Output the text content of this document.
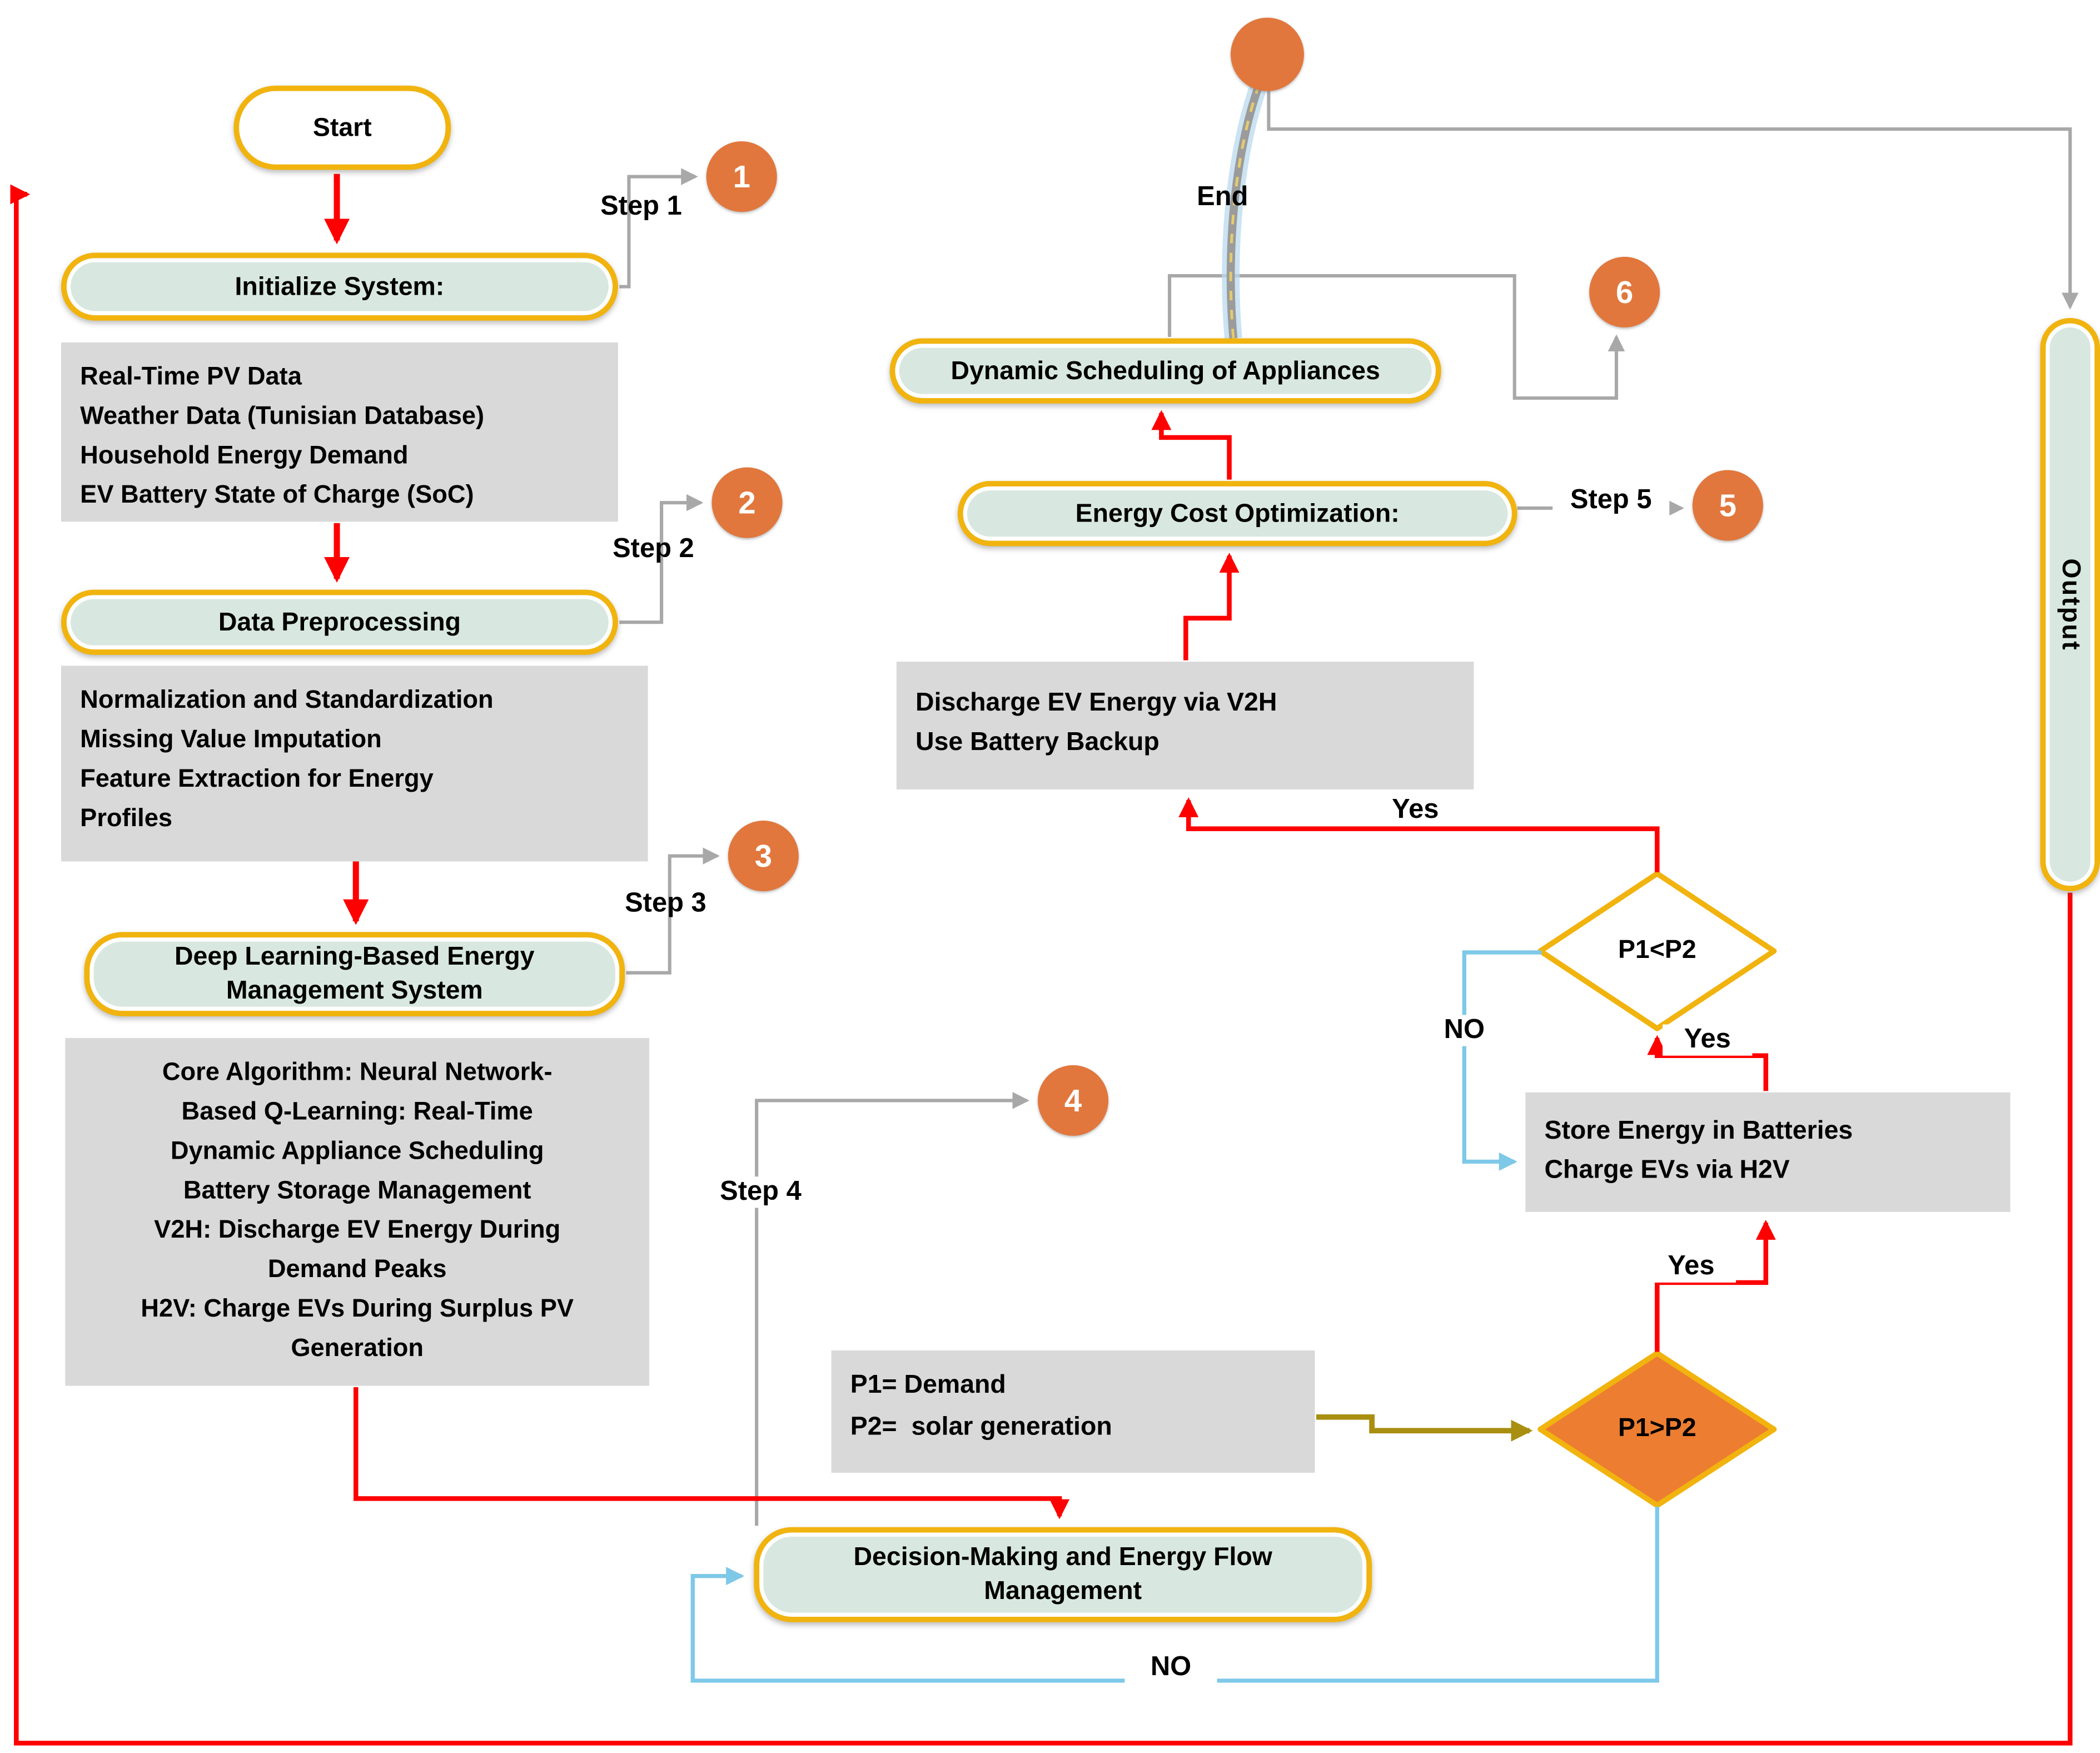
Start
Initialize System:
Real-Time PV Data
Weather Data (Tunisian Database)
Household Energy Demand
EV Battery State of Charge (SoC)
Data Preprocessing
Normalization and Standardization
Missing Value Imputation
Feature Extraction for Energy
Profiles
Deep Learning-Based Energy
Management System
Core Algorithm: Neural Network-
Based Q-Learning: Real-Time
Dynamic Appliance Scheduling
Battery Storage Management
V2H: Discharge EV Energy During
Demand Peaks
H2V: Charge EVs During Surplus PV
Generation
Decision-Making and Energy Flow
Management
P1= Demand
P2=  solar generation
Store Energy in Batteries
Charge EVs via H2V
Discharge EV Energy via V2H
Use Battery Backup
Energy Cost Optimization:
Dynamic Scheduling of Appliances
Output
P1>P2
P1<P2
1
2
3
4
5
6
Step 1
Step 2
Step 3
Step 4
Step 5
End
Yes
Yes
Yes
NO
NO
